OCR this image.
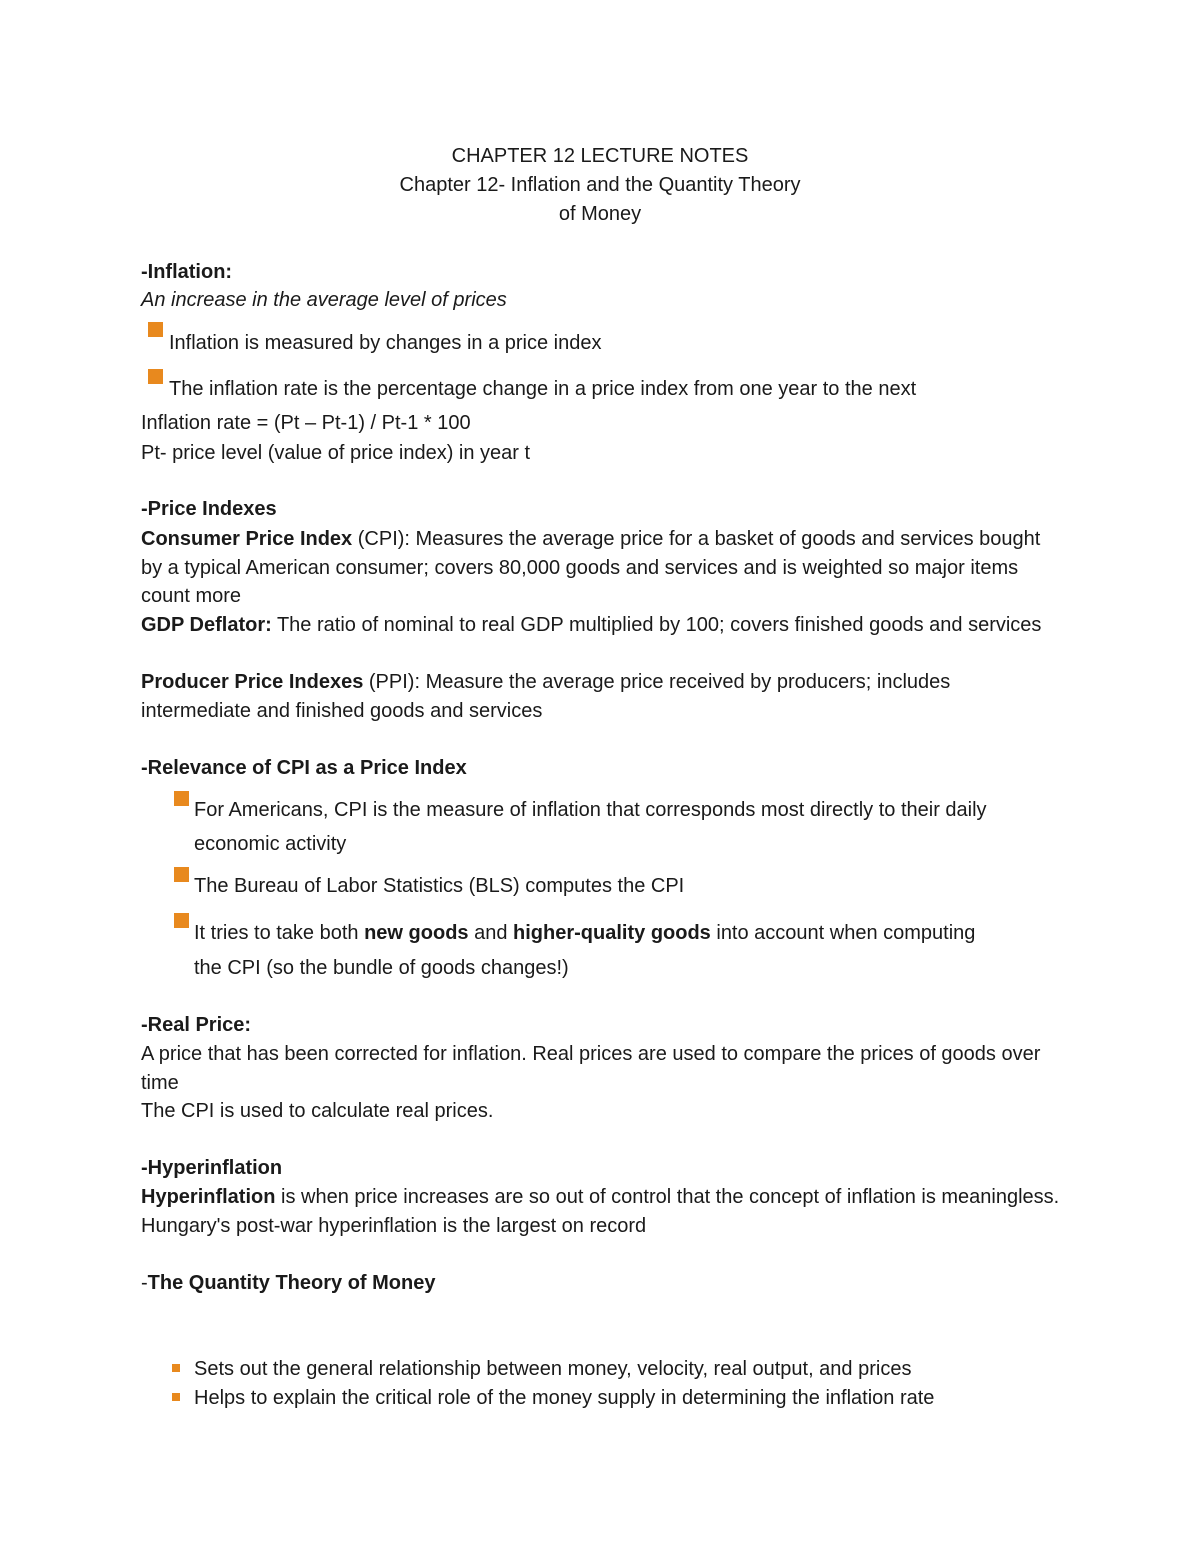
CHAPTER 12 LECTURE NOTES
Chapter 12- Inflation and the Quantity Theory
of Money
-Inflation:
An increase in the average level of prices
Inflation is measured by changes in a price index
The inflation rate is the percentage change in a price index from one year to the next
Inflation rate = (Pt – Pt-1) / Pt-1 * 100
Pt- price level (value of price index) in year t
-Price Indexes
Consumer Price Index (CPI): Measures the average price for a basket of goods and services bought by a typical American consumer; covers 80,000 goods and services and is weighted so major items count more
GDP Deflator: The ratio of nominal to real GDP multiplied by 100; covers finished goods and services
Producer Price Indexes (PPI): Measure the average price received by producers; includes intermediate and finished goods and services
-Relevance of CPI as a Price Index
For Americans, CPI is the measure of inflation that corresponds most directly to their daily
economic activity
The Bureau of Labor Statistics (BLS) computes the CPI
It tries to take both new goods and higher-quality goods into account when computing
the CPI (so the bundle of goods changes!)
-Real Price:
A price that has been corrected for inflation. Real prices are used to compare the prices of goods over time
The CPI is used to calculate real prices.
-Hyperinflation
Hyperinflation is when price increases are so out of control that the concept of inflation is meaningless. Hungary's post-war hyperinflation is the largest on record
-The Quantity Theory of Money
Sets out the general relationship between money, velocity, real output, and prices
Helps to explain the critical role of the money supply in determining the inflation rate
